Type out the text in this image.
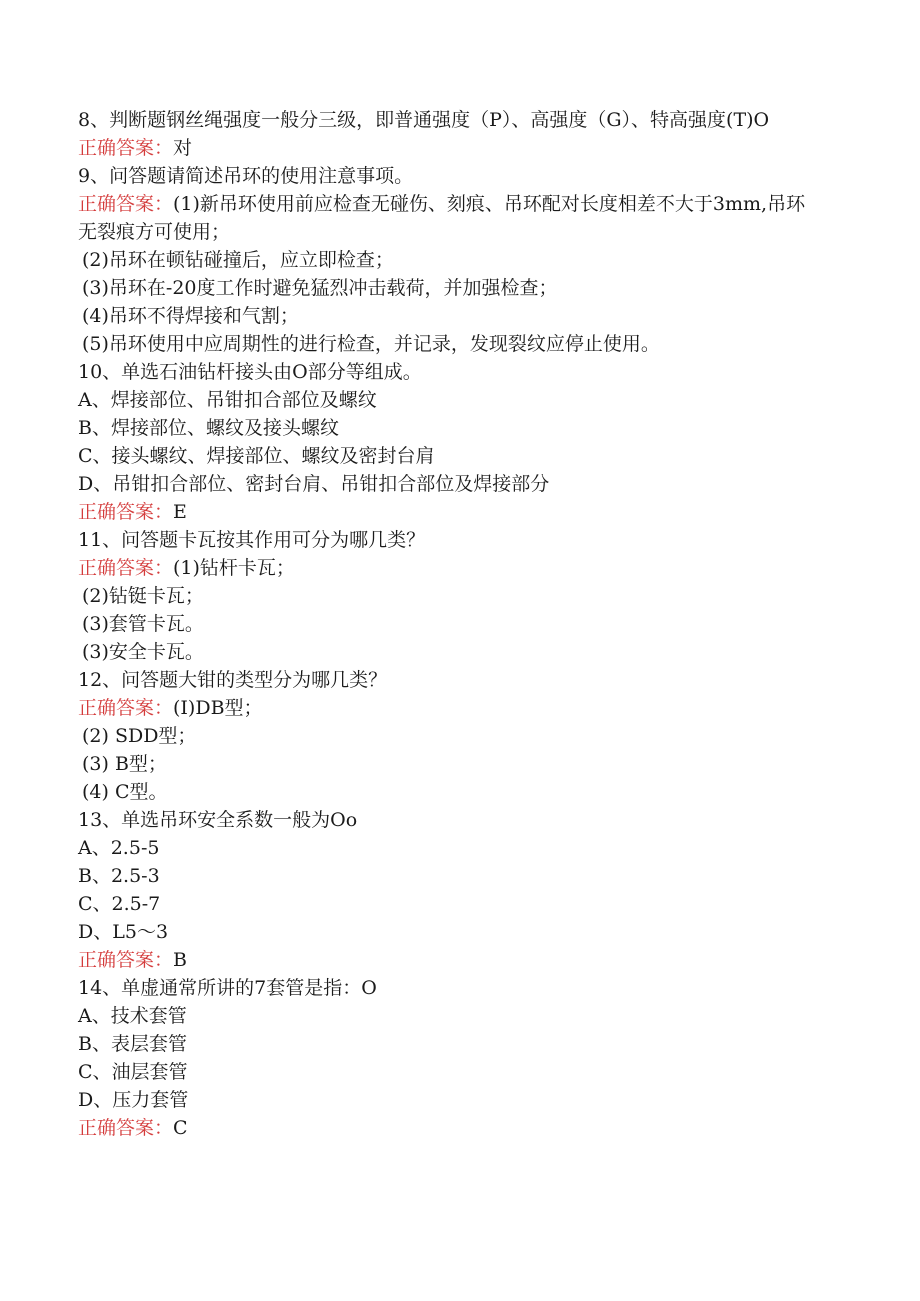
8、判断题钢丝绳强度一般分三级，即普通强度（P）、高强度（G）、特高强度(T)O
正确答案：对
9、问答题请简述吊环的使用注意事项。
正确答案：(1)新吊环使用前应检查无碰伤、刻痕、吊环配对长度相差不大于3mm,吊环无裂痕方可使用；
(2)吊环在顿钻碰撞后，应立即检查；
(3)吊环在-20度工作时避免猛烈冲击载荷，并加强检查；
(4)吊环不得焊接和气割；
(5)吊环使用中应周期性的进行检查，并记录，发现裂纹应停止使用。
10、单选石油钻杆接头由O部分等组成。
A、焊接部位、吊钳扣合部位及螺纹
B、焊接部位、螺纹及接头螺纹
C、接头螺纹、焊接部位、螺纹及密封台肩
D、吊钳扣合部位、密封台肩、吊钳扣合部位及焊接部分
正确答案：E
11、问答题卡瓦按其作用可分为哪几类？
正确答案：(1)钻杆卡瓦；
(2)钻铤卡瓦；
(3)套管卡瓦。
(3)安全卡瓦。
12、问答题大钳的类型分为哪几类？
正确答案：(I)DB型；
(2) SDD型；
(3) B型；
(4) C型。
13、单选吊环安全系数一般为Oo
A、2.5-5
B、2.5-3
C、2.5-7
D、L5～3
正确答案：B
14、单虚通常所讲的7套管是指：O
A、技术套管
B、表层套管
C、油层套管
D、压力套管
正确答案：C
